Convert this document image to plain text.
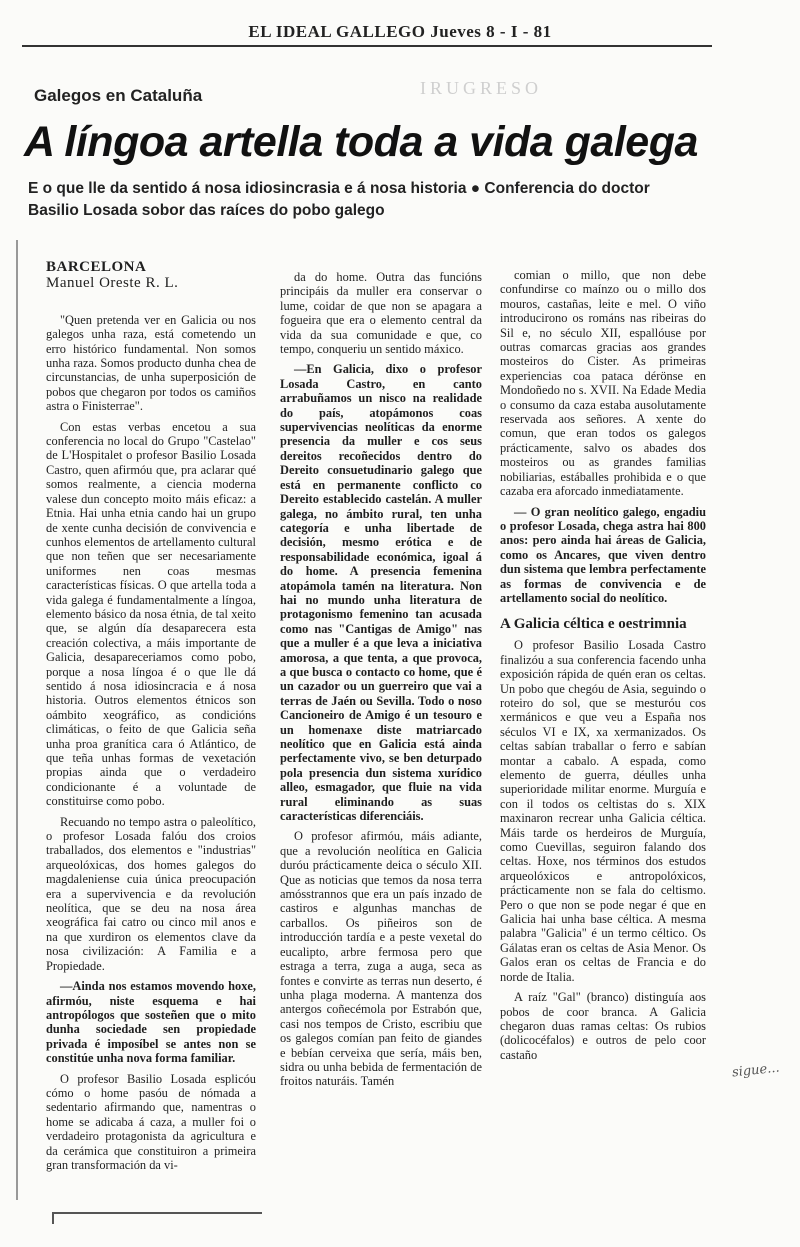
EL IDEAL GALLEGO Jueves 8 - I - 81
IRUGRESO
Galegos en Cataluña
A língoa artella toda a vida galega
E o que lle da sentido á nosa idiosincrasia e á nosa historia ● Conferencia do doctor Basilio Losada sobor das raíces do pobo galego

BARCELONA

Manuel Oreste R. L.

"Quen pretenda ver en Galicia ou nos galegos unha raza, está cometendo un erro histórico fundamental. Non somos unha raza. Somos producto dunha chea de circunstancias, de unha superposición de pobos que chegaron por todos os camiños astra o Finisterrae".

Con estas verbas encetou a sua conferencia no local do Grupo "Castelao" de L'Hospitalet o profesor Basilio Losada Castro, quen afirmóu que, pra aclarar qué somos realmente, a ciencia moderna valese dun concepto moito máis eficaz: a Etnia. Hai unha etnia cando hai un grupo de xente cunha decisión de convivencia e cunhos elementos de artellamento cultural que non teñen que ser necesariamente uniformes nen coas mesmas características físicas. O que artella toda a vida galega é fundamentalmente a língoa, elemento básico da nosa étnia, de tal xeito que, se algún día desaparecera esta creación colectiva, a máis importante de Galicia, desapareceriamos como pobo, porque a nosa língoa é o que lle dá sentido á nosa idiosincracia e á nosa historia. Outros elementos étnicos son oámbito xeográfico, as condicións climáticas, o feito de que Galicia seña unha proa granítica cara ó Atlántico, de que teña unhas formas de vexetación propias ainda que o verdadeiro condicionante é a voluntade de constituirse como pobo.

Recuando no tempo astra o paleolítico, o profesor Losada falóu dos croios traballados, dos elementos e "industrias" arqueolóxicas, dos homes galegos do magdaleniense cuia única preocupación era a supervivencia e da revolución neolítica, que se deu na nosa área xeográfica fai catro ou cinco mil anos e na que xurdiron os elementos clave da nosa civilización: A Familia e a Propiedade.

—Ainda nos estamos movendo hoxe, afirmóu, niste esquema e hai antropólogos que sosteñen que o mito dunha sociedade sen propiedade privada é imposíbel se antes non se constitúe unha nova forma familiar.

O profesor Basilio Losada esplicóu cómo o home pasóu de nómada a sedentario afirmando que, namentras o home se adicaba á caza, a muller foi o verdadeiro protagonista da agricultura e da cerámica que constituiron a primeira gran transformación da vi-

da do home. Outra das funcións principáis da muller era conservar o lume, coidar de que non se apagara a fogueira que era o elemento central da vida da sua comunidade e que, co tempo, conqueriu un sentido máxico.

—En Galicia, dixo o profesor Losada Castro, en canto arrabuñamos un nisco na realidade do país, atopámonos coas supervivencias neolíticas da enorme presencia da muller e cos seus dereitos recoñecidos dentro do Dereito consuetudinario galego que está en permanente conflicto co Dereito establecido castelán. A muller galega, no ámbito rural, ten unha categoría e unha libertade de decisión, mesmo erótica e de responsabilidade económica, igoal á do home. A presencia femenina atopámola tamén na literatura. Non hai no mundo unha literatura de protagonismo femenino tan acusada como nas "Cantigas de Amigo" nas que a muller é a que leva a iniciativa amorosa, a que tenta, a que provoca, a que busca o contacto co home, que é un cazador ou un guerreiro que vai a terras de Jaén ou Sevilla. Todo o noso Cancioneiro de Amigo é un tesouro e un homenaxe diste matriarcado neolítico que en Galicia está ainda perfectamente vivo, se ben deturpado pola presencia dun sistema xurídico alleo, esmagador, que fluie na vida rural eliminando as suas características diferenciáis.

O profesor afirmóu, máis adiante, que a revolución neolítica en Galicia duróu prácticamente deica o século XII. Que as noticias que temos da nosa terra amósstrannos que era un país inzado de castiros e algunhas manchas de carballos. Os piñeiros son de introducción tardía e a peste vexetal do eucalipto, arbre fermosa pero que estraga a terra, zuga a auga, seca as fontes e convirte as terras nun deserto, é unha plaga moderna. A mantenza dos antergos coñecémola por Estrabón que, casi nos tempos de Cristo, escribiu que os galegos comían pan feito de giandes e bebían cerveixa que sería, máis ben, sidra ou unha bebida de fermentación de froitos naturáis. Tamén

comian o millo, que non debe confundirse co maínzo ou o millo dos mouros, castañas, leite e mel. O viño introducirono os románs nas ribeiras do Sil e, no século XII, espallóuse por outras comarcas gracias aos grandes mosteiros do Cister. As primeiras experiencias coa pataca dérönse en Mondoñedo no s. XVII. Na Edade Media o consumo da caza estaba ausolutamente reservada aos señores. A xente do comun, que eran todos os galegos prácticamente, salvo os abades dos mosteiros ou as grandes familias nobiliarias, estáballes prohibida e o que cazaba era aforcado inmediatamente.

— O gran neolítico galego, engadiu o profesor Losada, chega astra hai 800 anos: pero ainda hai áreas de Galicia, como os Ancares, que viven dentro dun sistema que lembra perfectamente as formas de convivencia e de artellamento social do neolítico.

A Galicia céltica e oestrimnia

O profesor Basilio Losada Castro finalizóu a sua conferencia facendo unha exposición rápida de quén eran os celtas. Un pobo que chegóu de Asia, seguindo o roteiro do sol, que se mesturóu cos xermánicos e que veu a España nos séculos VI e IX, xa xermanizados. Os celtas sabían traballar o ferro e sabían montar a cabalo. A espada, como elemento de guerra, déulles unha superioridade militar enorme. Murguía e con il todos os celtistas do s. XIX maxinaron recrear unha Galicia céltica. Máis tarde os herdeiros de Murguía, como Cuevillas, seguiron falando dos celtas. Hoxe, nos términos dos estudos arqueolóxicos e antropolóxicos, prácticamente non se fala do celtismo. Pero o que non se pode negar é que en Galicia hai unha base céltica. A mesma palabra "Galicia" é un termo céltico. Os Gálatas eran os celtas de Asia Menor. Os Galos eran os celtas de Francia e do norde de Italia.

A raíz "Gal" (branco) distinguía aos pobos de coor branca. A Galicia chegaron duas ramas celtas: Os rubios (dolicocéfalos) e outros de pelo coor castaño

sigue...
